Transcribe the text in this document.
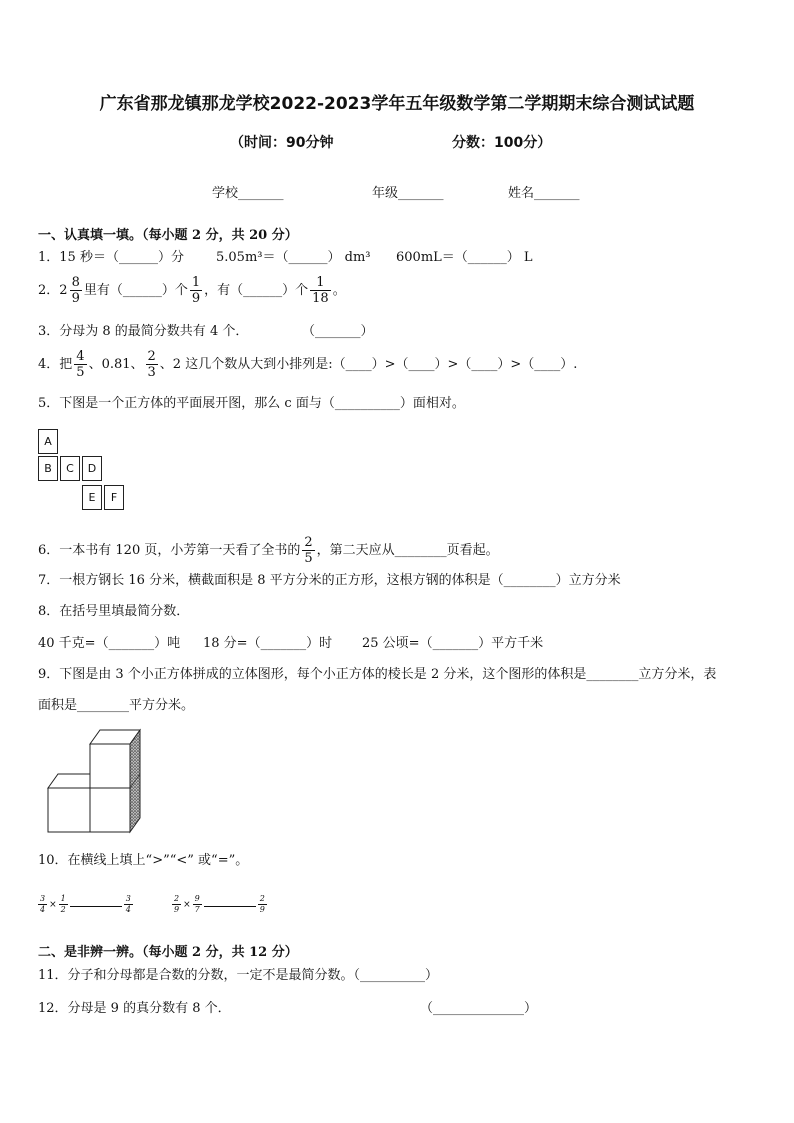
广东省那龙镇那龙学校2022-2023学年五年级数学第二学期期末综合测试试题
（时间：90分钟	分数：100分）
学校_______	年级_______	姓名_______
一、认真填一填。（每小题 2 分，共 20 分）
1．15 秒＝（______）分 5.05m³＝（______） dm³ 600mL＝（______） L
2．$2 \frac{8}{9}$ 里有（______）个 $\frac{1}{9}$ ，有（______）个 $\frac{1}{18}$ 。
3．分母为 8 的最简分数共有 4 个．	（_______）
4．把 $\frac{4}{5}$ 、0.81、 $\frac{2}{3}$ 、2 这几个数从大到小排列是:（____）>（____）>（____）>（____）.
5．下图是一个正方体的平面展开图，那么 c 面与（__________）面相对。
A
B	C	D
E	F
6．一本书有 120 页，小芳第一天看了全书的 $\frac{2}{5}$ ，第二天应从________页看起。
7．一根方钢长 16 分米，横截面积是 8 平方分米的正方形，这根方钢的体积是（________）立方分米
8．在括号里填最简分数．
40 千克=（_______）吨 18 分=（_______）时 25 公顷=（_______）平方千米
9．下图是由 3 个小正方体拼成的立体图形，每个小正方体的棱长是 2 分米，这个图形的体积是________立方分米，表
面积是________平方分米。
10．在横线上填上“>”“<” 或“=”。
$\frac{3}{4} \times \frac{1}{2}$	$\frac{3}{4}$	$\frac{2}{9} \times \frac{9}{7}$	$\frac{2}{9}$
二、是非辨一辨。（每小题 2 分，共 12 分）
11．分子和分母都是合数的分数，一定不是最简分数。（__________）
12．分母是 9 的真分数有 8 个．	（______________）
